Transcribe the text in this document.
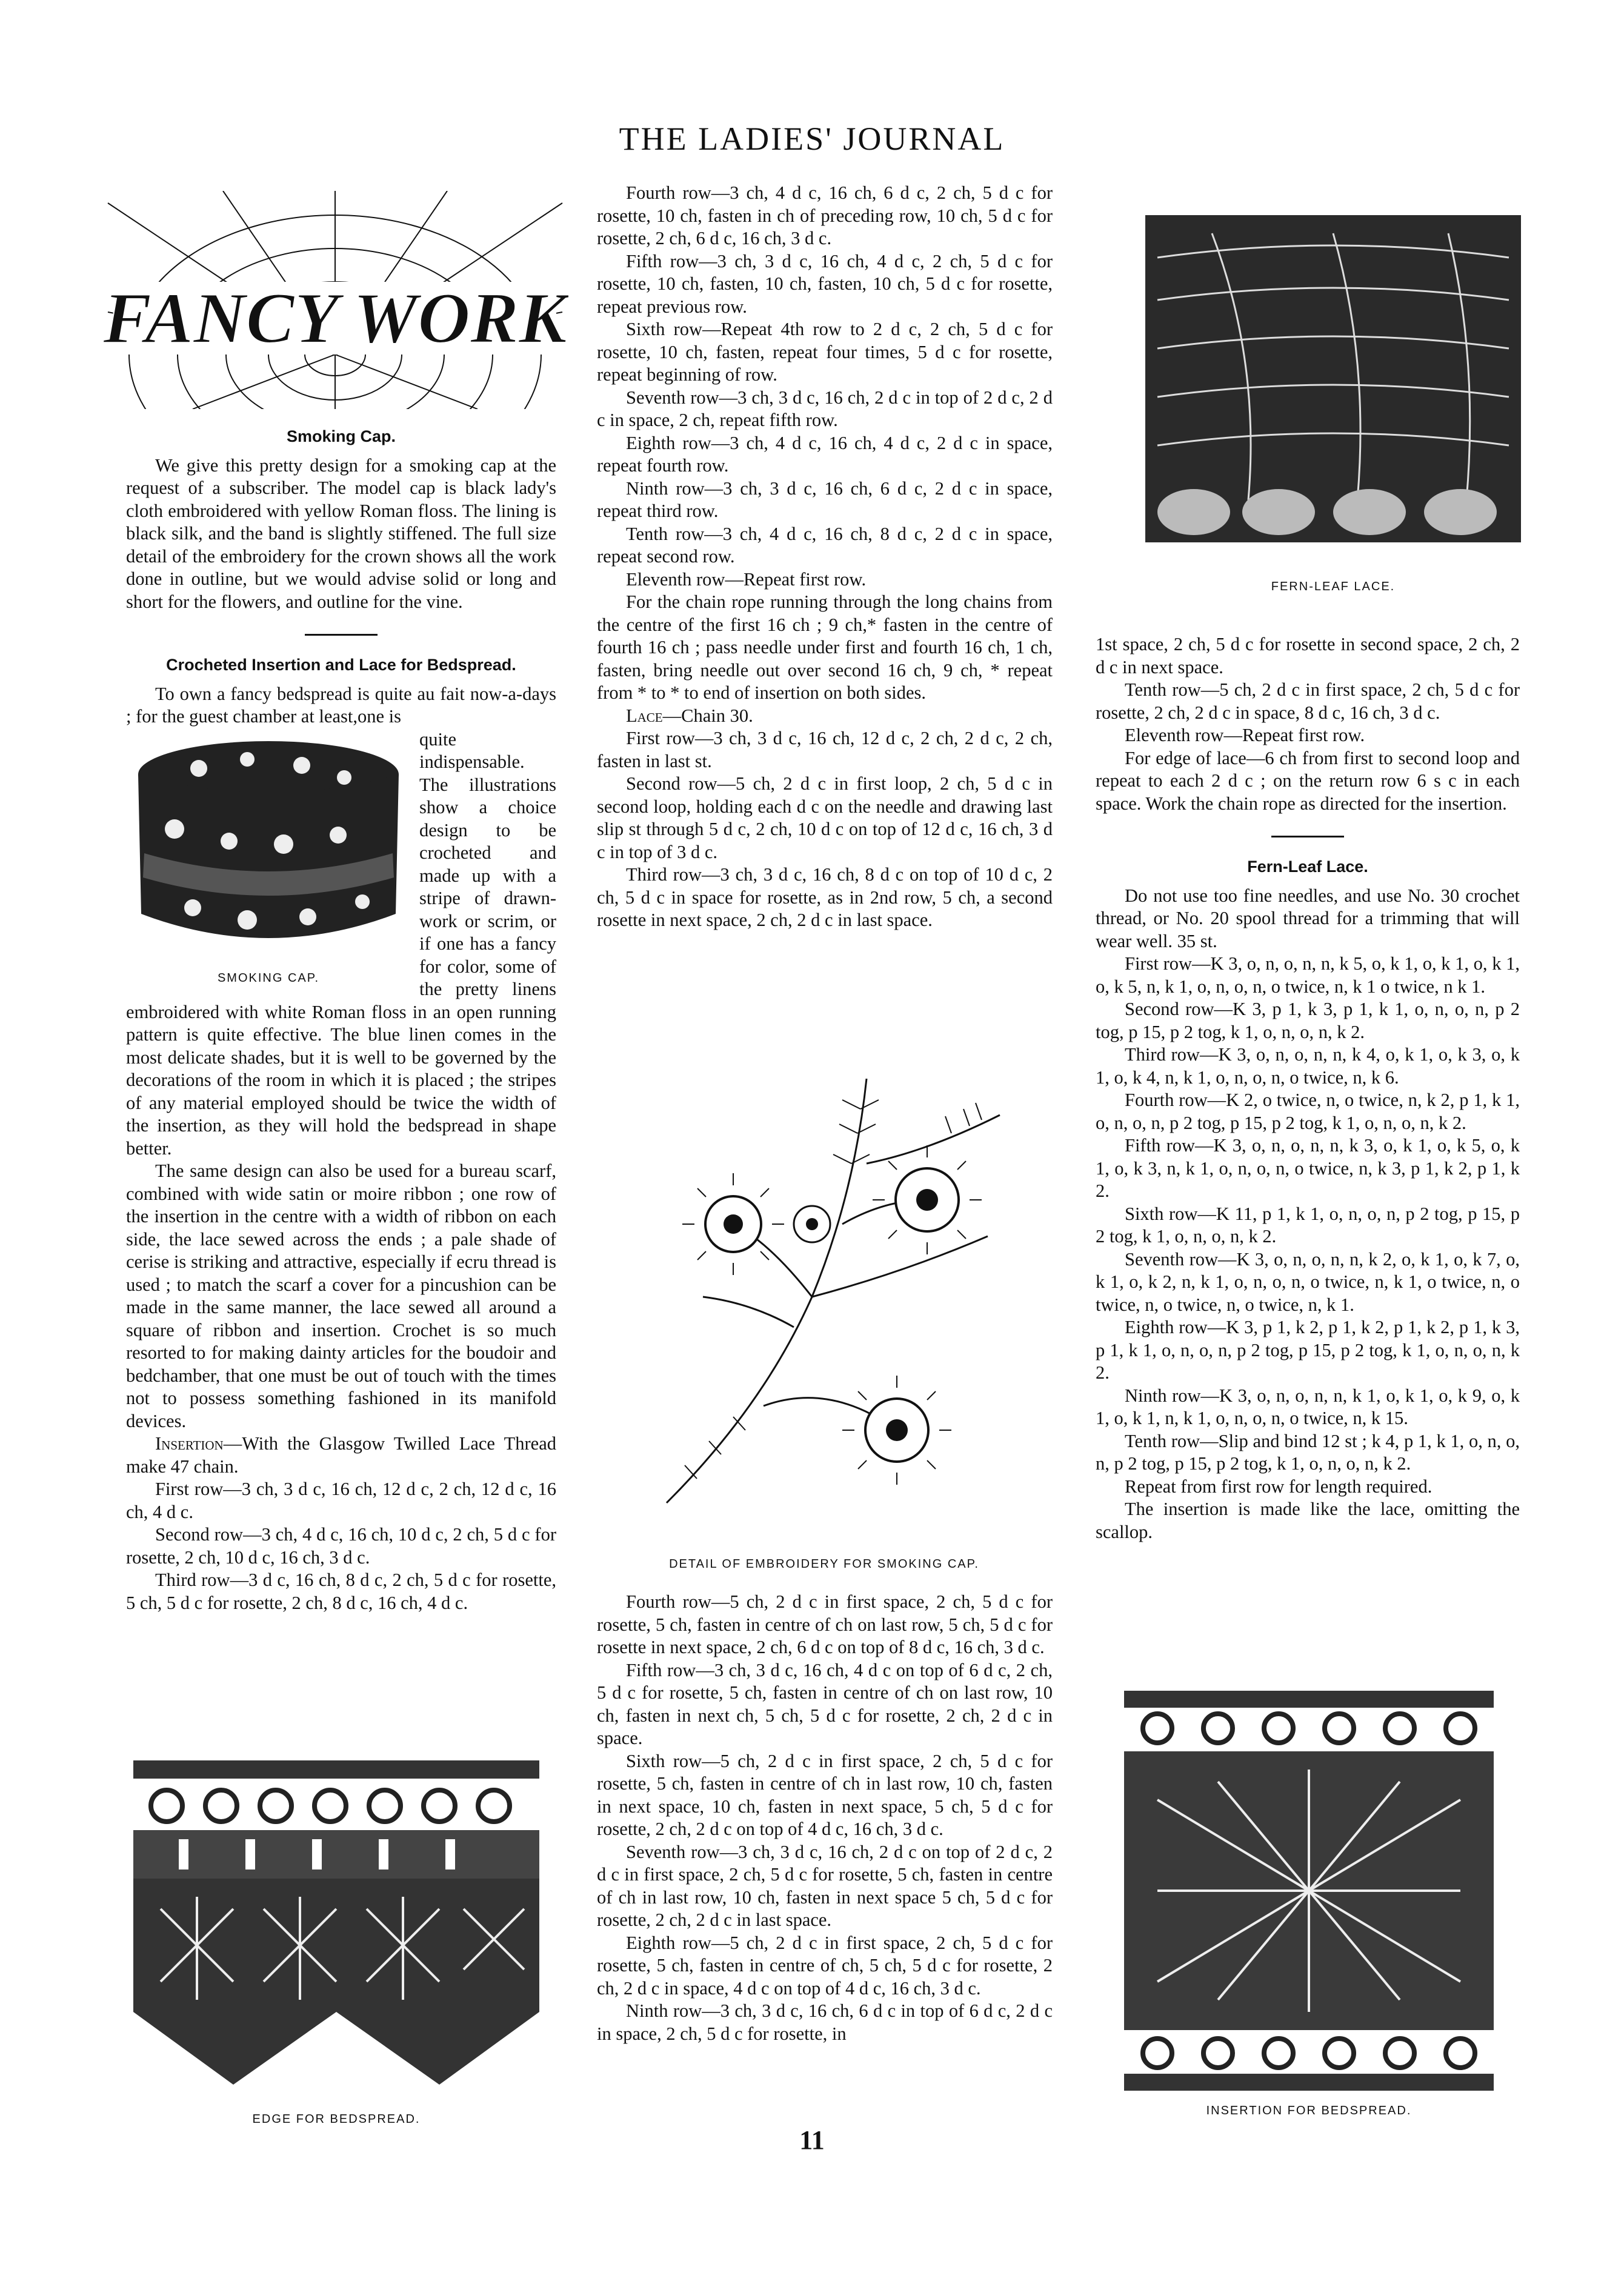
THE LADIES' JOURNAL
FANCY WORK

Smoking Cap.

We give this pretty design for a smoking cap at the request of a subscriber. The model cap is black lady's cloth embroidered with yellow Roman floss. The lining is black silk, and the band is slightly stiffened. The full size detail of the embroidery for the crown shows all the work done in outline, but we would advise solid or long and short for the flowers, and outline for the vine.

Crocheted Insertion and Lace for Bedspread.

To own a fancy bedspread is quite au fait now-a-days ; for the guest chamber at least,one is

SMOKING CAP.

quite indispensable. The illustrations show a choice design to be crocheted and made up with a stripe of drawn-work or scrim, or if one has a fancy for color, some of the pretty linens embroidered with white Roman floss in an open running pattern is quite effective. The blue linen comes in the most delicate shades, but it is well to be governed by the decorations of the room in which it is placed ; the stripes of any material employed should be twice the width of the insertion, as they will hold the bedspread in shape better.

The same design can also be used for a bureau scarf, combined with wide satin or moire ribbon ; one row of the insertion in the centre with a width of ribbon on each side, the lace sewed across the ends ; a pale shade of cerise is striking and attractive, especially if ecru thread is used ; to match the scarf a cover for a pincushion can be made in the same manner, the lace sewed all around a square of ribbon and insertion. Crochet is so much resorted to for making dainty articles for the boudoir and bedchamber, that one must be out of touch with the times not to possess something fashioned in its manifold devices.

Insertion—With the Glasgow Twilled Lace Thread make 47 chain.

First row—3 ch, 3 d c, 16 ch, 12 d c, 2 ch, 12 d c, 16 ch, 4 d c.

Second row—3 ch, 4 d c, 16 ch, 10 d c, 2 ch, 5 d c for rosette, 2 ch, 10 d c, 16 ch, 3 d c.

Third row—3 d c, 16 ch, 8 d c, 2 ch, 5 d c for rosette, 5 ch, 5 d c for rosette, 2 ch, 8 d c, 16 ch, 4 d c.

EDGE FOR BEDSPREAD.

Fourth row—3 ch, 4 d c, 16 ch, 6 d c, 2 ch, 5 d c for rosette, 10 ch, fasten in ch of preceding row, 10 ch, 5 d c for rosette, 2 ch, 6 d c, 16 ch, 3 d c.

Fifth row—3 ch, 3 d c, 16 ch, 4 d c, 2 ch, 5 d c for rosette, 10 ch, fasten, 10 ch, fasten, 10 ch, 5 d c for rosette, repeat previous row.

Sixth row—Repeat 4th row to 2 d c, 2 ch, 5 d c for rosette, 10 ch, fasten, repeat four times, 5 d c for rosette, repeat beginning of row.

Seventh row—3 ch, 3 d c, 16 ch, 2 d c in top of 2 d c, 2 d c in space, 2 ch, repeat fifth row.

Eighth row—3 ch, 4 d c, 16 ch, 4 d c, 2 d c in space, repeat fourth row.

Ninth row—3 ch, 3 d c, 16 ch, 6 d c, 2 d c in space, repeat third row.

Tenth row—3 ch, 4 d c, 16 ch, 8 d c, 2 d c in space, repeat second row.

Eleventh row—Repeat first row.

For the chain rope running through the long chains from the centre of the first 16 ch ; 9 ch,* fasten in the centre of fourth 16 ch ; pass needle under first and fourth 16 ch, 1 ch, fasten, bring needle out over second 16 ch, 9 ch, * repeat from * to * to end of insertion on both sides.

Lace—Chain 30.

First row—3 ch, 3 d c, 16 ch, 12 d c, 2 ch, 2 d c, 2 ch, fasten in last st.

Second row—5 ch, 2 d c in first loop, 2 ch, 5 d c in second loop, holding each d c on the needle and drawing last slip st through 5 d c, 2 ch, 10 d c on top of 12 d c, 16 ch, 3 d c in top of 3 d c.

Third row—3 ch, 3 d c, 16 ch, 8 d c on top of 10 d c, 2 ch, 5 d c in space for rosette, as in 2nd row, 5 ch, a second rosette in next space, 2 ch, 2 d c in last space.

DETAIL OF EMBROIDERY FOR SMOKING CAP.

Fourth row—5 ch, 2 d c in first space, 2 ch, 5 d c for rosette, 5 ch, fasten in centre of ch on last row, 5 ch, 5 d c for rosette in next space, 2 ch, 6 d c on top of 8 d c, 16 ch, 3 d c.

Fifth row—3 ch, 3 d c, 16 ch, 4 d c on top of 6 d c, 2 ch, 5 d c for rosette, 5 ch, fasten in centre of ch on last row, 10 ch, fasten in next ch, 5 ch, 5 d c for rosette, 2 ch, 2 d c in space.

Sixth row—5 ch, 2 d c in first space, 2 ch, 5 d c for rosette, 5 ch, fasten in centre of ch in last row, 10 ch, fasten in next space, 10 ch, fasten in next space, 5 ch, 5 d c for rosette, 2 ch, 2 d c on top of 4 d c, 16 ch, 3 d c.

Seventh row—3 ch, 3 d c, 16 ch, 2 d c on top of 2 d c, 2 d c in first space, 2 ch, 5 d c for rosette, 5 ch, fasten in centre of ch in last row, 10 ch, fasten in next space 5 ch, 5 d c for rosette, 2 ch, 2 d c in last space.

Eighth row—5 ch, 2 d c in first space, 2 ch, 5 d c for rosette, 5 ch, fasten in centre of ch, 5 ch, 5 d c for rosette, 2 ch, 2 d c in space, 4 d c on top of 4 d c, 16 ch, 3 d c.

Ninth row—3 ch, 3 d c, 16 ch, 6 d c in top of 6 d c, 2 d c in space, 2 ch, 5 d c for rosette, in

FERN-LEAF LACE.

1st space, 2 ch, 5 d c for rosette in second space, 2 ch, 2 d c in next space.

Tenth row—5 ch, 2 d c in first space, 2 ch, 5 d c for rosette, 2 ch, 2 d c in space, 8 d c, 16 ch, 3 d c.

Eleventh row—Repeat first row.

For edge of lace—6 ch from first to second loop and repeat to each 2 d c ; on the return row 6 s c in each space. Work the chain rope as directed for the insertion.

Fern-Leaf Lace.

Do not use too fine needles, and use No. 30 crochet thread, or No. 20 spool thread for a trimming that will wear well. 35 st.

First row—K 3, o, n, o, n, n, k 5, o, k 1, o, k 1, o, k 1, o, k 5, n, k 1, o, n, o, n, o twice, n, k 1 o twice, n k 1.

Second row—K 3, p 1, k 3, p 1, k 1, o, n, o, n, p 2 tog, p 15, p 2 tog, k 1, o, n, o, n, k 2.

Third row—K 3, o, n, o, n, n, k 4, o, k 1, o, k 3, o, k 1, o, k 4, n, k 1, o, n, o, n, o twice, n, k 6.

Fourth row—K 2, o twice, n, o twice, n, k 2, p 1, k 1, o, n, o, n, p 2 tog, p 15, p 2 tog, k 1, o, n, o, n, k 2.

Fifth row—K 3, o, n, o, n, n, k 3, o, k 1, o, k 5, o, k 1, o, k 3, n, k 1, o, n, o, n, o twice, n, k 3, p 1, k 2, p 1, k 2.

Sixth row—K 11, p 1, k 1, o, n, o, n, p 2 tog, p 15, p 2 tog, k 1, o, n, o, n, k 2.

Seventh row—K 3, o, n, o, n, n, k 2, o, k 1, o, k 7, o, k 1, o, k 2, n, k 1, o, n, o, n, o twice, n, k 1, o twice, n, o twice, n, o twice, n, o twice, n, k 1.

Eighth row—K 3, p 1, k 2, p 1, k 2, p 1, k 2, p 1, k 3, p 1, k 1, o, n, o, n, p 2 tog, p 15, p 2 tog, k 1, o, n, o, n, k 2.

Ninth row—K 3, o, n, o, n, n, k 1, o, k 1, o, k 9, o, k 1, o, k 1, n, k 1, o, n, o, n, o twice, n, k 15.

Tenth row—Slip and bind 12 st ; k 4, p 1, k 1, o, n, o, n, p 2 tog, p 15, p 2 tog, k 1, o, n, o, n, k 2.

Repeat from first row for length required.

The insertion is made like the lace, omitting the scallop.

INSERTION FOR BEDSPREAD.
11
